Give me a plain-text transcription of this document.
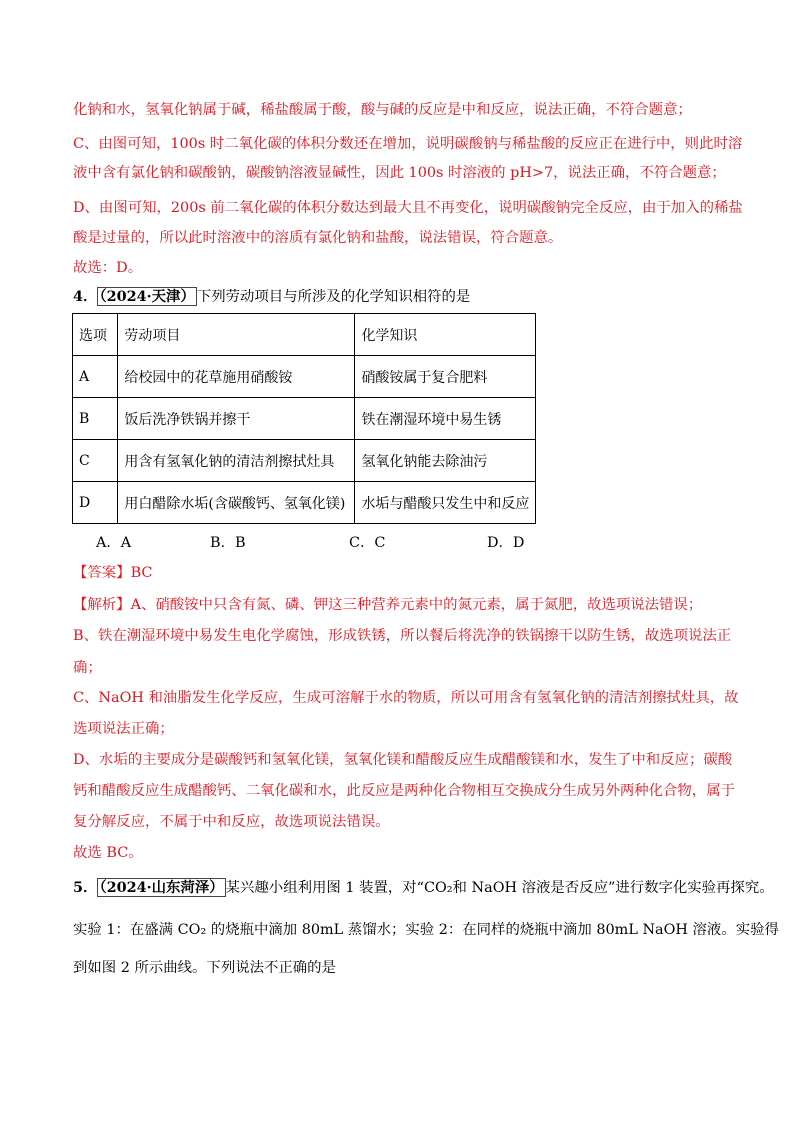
化钠和水，氢氧化钠属于碱，稀盐酸属于酸，酸与碱的反应是中和反应，说法正确，不符合题意；
C、由图可知，100s 时二氧化碳的体积分数还在增加，说明碳酸钠与稀盐酸的反应正在进行中，则此时溶
液中含有氯化钠和碳酸钠，碳酸钠溶液显碱性，因此 100s 时溶液的 pH>7，说法正确，不符合题意；
D、由图可知，200s 前二氧化碳的体积分数达到最大且不再变化，说明碳酸钠完全反应，由于加入的稀盐
酸是过量的，所以此时溶液中的溶质有氯化钠和盐酸，说法错误，符合题意。
故选：D。
4． （2024·天津） 下列劳动项目与所涉及的化学知识相符的是
选项	劳动项目	化学知识
A	给校园中的花草施用硝酸铵	硝酸铵属于复合肥料
B	饭后洗净铁锅并擦干	铁在潮湿环境中易生锈
C	用含有氢氧化钠的清洁剂擦拭灶具	氢氧化钠能去除油污
D	用白醋除水垢(含碳酸钙、氢氧化镁)	水垢与醋酸只发生中和反应
A．A	B．B	C．C	D．D
【答案】BC
【解析】A、硝酸铵中只含有氮、磷、钾这三种营养元素中的氮元素，属于氮肥，故选项说法错误；
B、铁在潮湿环境中易发生电化学腐蚀，形成铁锈，所以餐后将洗净的铁锅擦干以防生锈，故选项说法正
确；
C、NaOH 和油脂发生化学反应，生成可溶解于水的物质，所以可用含有氢氧化钠的清洁剂擦拭灶具，故
选项说法正确；
D、水垢的主要成分是碳酸钙和氢氧化镁，氢氧化镁和醋酸反应生成醋酸镁和水，发生了中和反应；碳酸
钙和醋酸反应生成醋酸钙、二氧化碳和水，此反应是两种化合物相互交换成分生成另外两种化合物，属于
复分解反应，不属于中和反应，故选项说法错误。
故选 BC。
5． （2024·山东菏泽） 某兴趣小组利用图 1 装置，对“CO₂和 NaOH 溶液是否反应”进行数字化实验再探究。
实验 1：在盛满 CO₂ 的烧瓶中滴加 80mL 蒸馏水；实验 2：在同样的烧瓶中滴加 80mL NaOH 溶液。实验得
到如图 2 所示曲线。下列说法不正确的是
